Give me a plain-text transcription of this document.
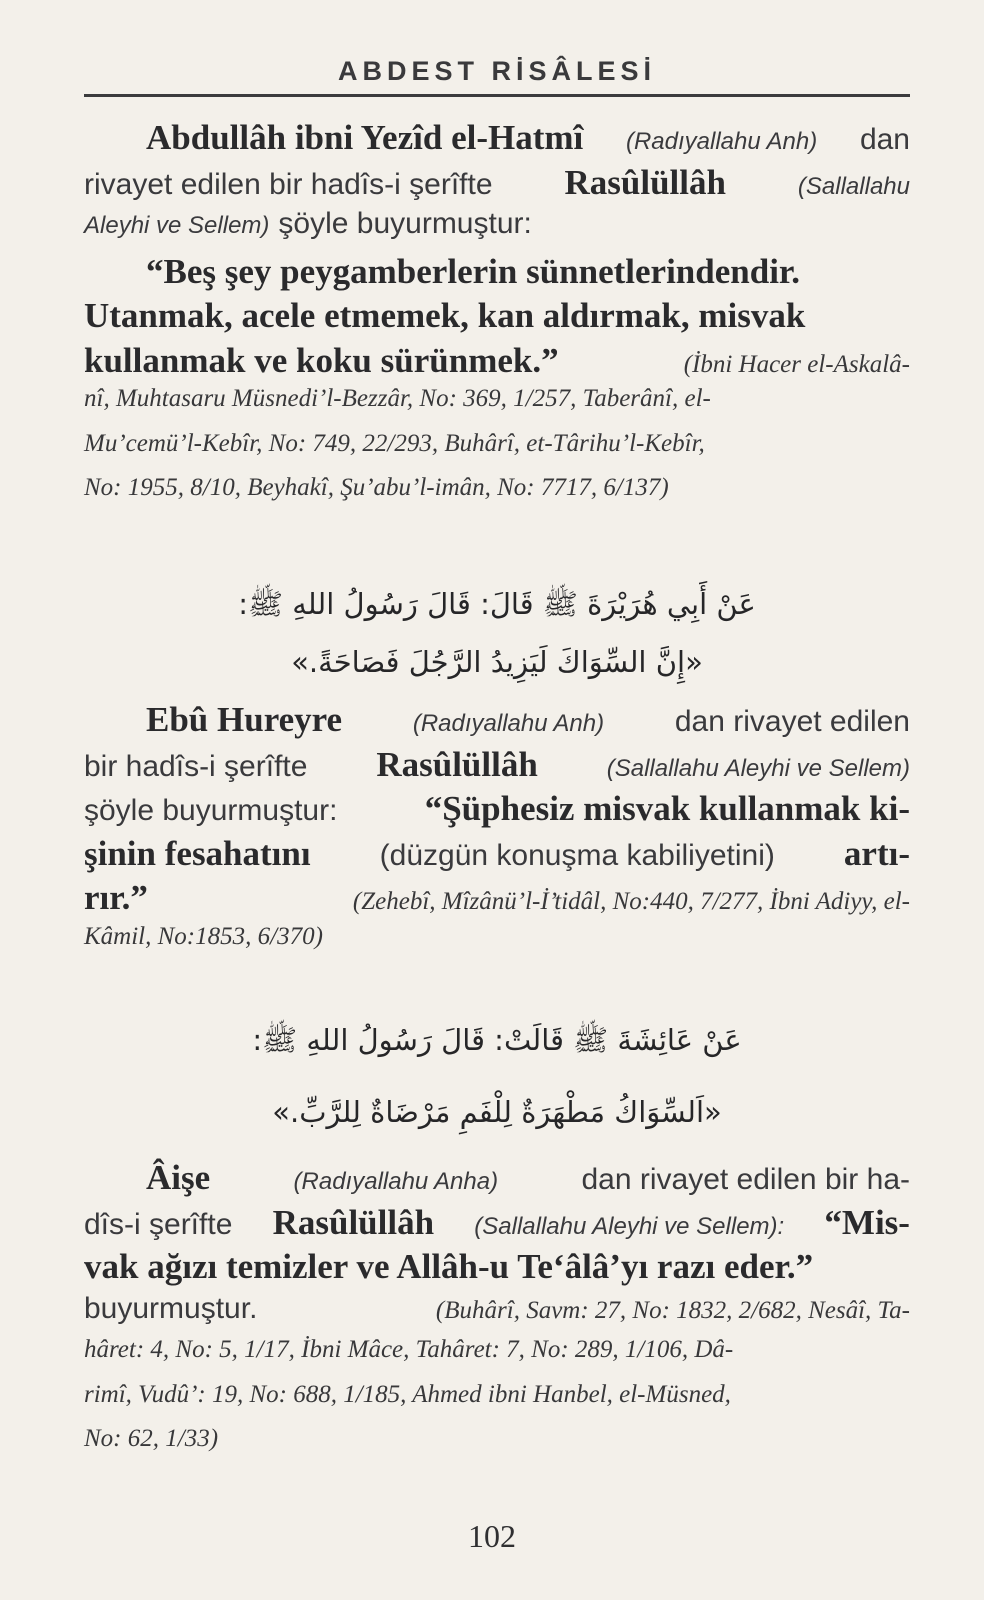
ABDEST RİSÂLESİ
Abdullâh ibni Yezîd el-Hatmî (Radıyallahu Anh) dan
rivayet edilen bir hadîs-i şerîfte Rasûlüllâh	(Sallallahu
Aleyhi ve Sellem) şöyle buyurmuştur:
“Beş şey peygamberlerin sünnetlerindendir.
Utanmak, acele etmemek, kan aldırmak, misvak
kullanmak ve koku sürünmek.”	(İbni Hacer el-Askalâ-
nî, Muhtasaru Müsnedi’l-Bezzâr, No: 369, 1/257, Taberânî, el-
Mu’cemü’l-Kebîr, No: 749, 22/293, Buhârî, et-Târihu’l-Kebîr,
No: 1955, 8/10, Beyhakî, Şu’abu’l-imân, No: 7717, 6/137)
عَنْ أَبِي هُرَيْرَةَ ﷺ قَالَ: قَالَ رَسُولُ اللهِ ﷺ:
«إِنَّ السِّوَاكَ لَيَزِيدُ الرَّجُلَ فَصَاحَةً.»
Ebû Hureyre	(Radıyallahu Anh) dan rivayet edilen
bir hadîs-i şerîfte Rasûlüllâh	(Sallallahu Aleyhi ve Sellem)
şöyle buyurmuştur: “Şüphesiz misvak kullanmak ki-
şinin fesahatını (düzgün konuşma kabiliyetini) artı-
rır.”	(Zehebî, Mîzânü’l-İ’tidâl, No:440, 7/277, İbni Adiyy, el-
Kâmil, No:1853, 6/370)
عَنْ عَائِشَةَ ﷺ قَالَتْ: قَالَ رَسُولُ اللهِ ﷺ:
«اَلسِّوَاكُ مَطْهَرَةٌ لِلْفَمِ مَرْضَاةٌ لِلرَّبِّ.»
Âişe	(Radıyallahu Anha)	dan rivayet edilen bir ha-
dîs-i şerîfte Rasûlüllâh (Sallallahu Aleyhi ve Sellem): “Mis-
vak ağızı temizler ve Allâh-u Te‘âlâ’yı razı eder.”
buyurmuştur.	(Buhârî, Savm: 27, No: 1832, 2/682, Nesâî, Ta-
hâret: 4, No: 5, 1/17, İbni Mâce, Tahâret: 7, No: 289, 1/106, Dâ-
rimî, Vudû’: 19, No: 688, 1/185, Ahmed ibni Hanbel, el-Müsned,
No: 62, 1/33)
102
